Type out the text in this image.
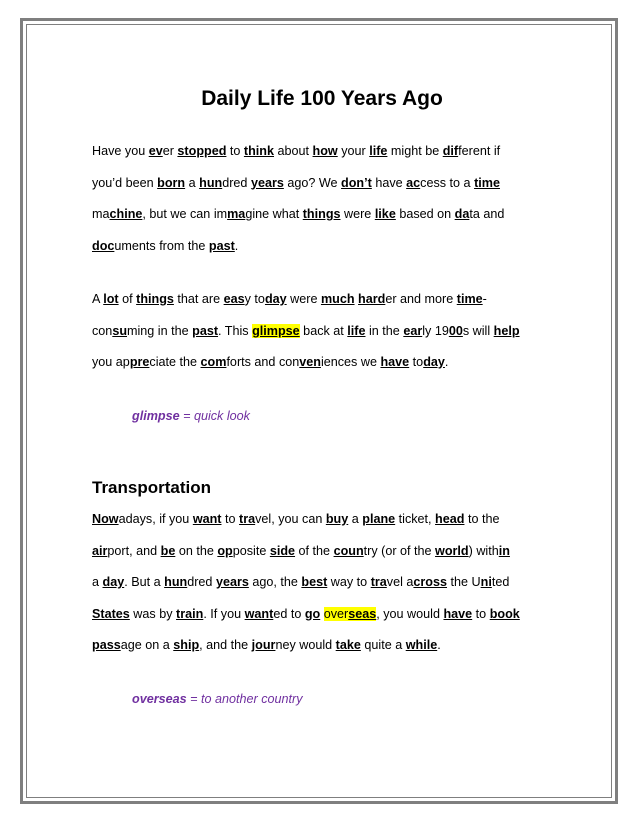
Daily Life 100 Years Ago

Have you ever stopped to think about how your life might be different if
you’d been born a hundred years ago? We don’t have access to a time
machine, but we can immagine what things were like based on data and
documents from the past.

A lot of things that are easy today were much harder and more time-
consuming in the past. This glimpse back at life in the early 1900s will help
you appreciate the comforts and conveniences we have today.

glimpse = quick look

Transportation

Nowadays, if you want to travel, you can buy a plane ticket, head to the
airport, and be on the opposite side of the country (or of the world) within
a day. But a hundred years ago, the best way to travel across the United
States was by train. If you wanted to go overseas, you would have to book
passage on a ship, and the journey would take quite a while.

overseas = to another country
